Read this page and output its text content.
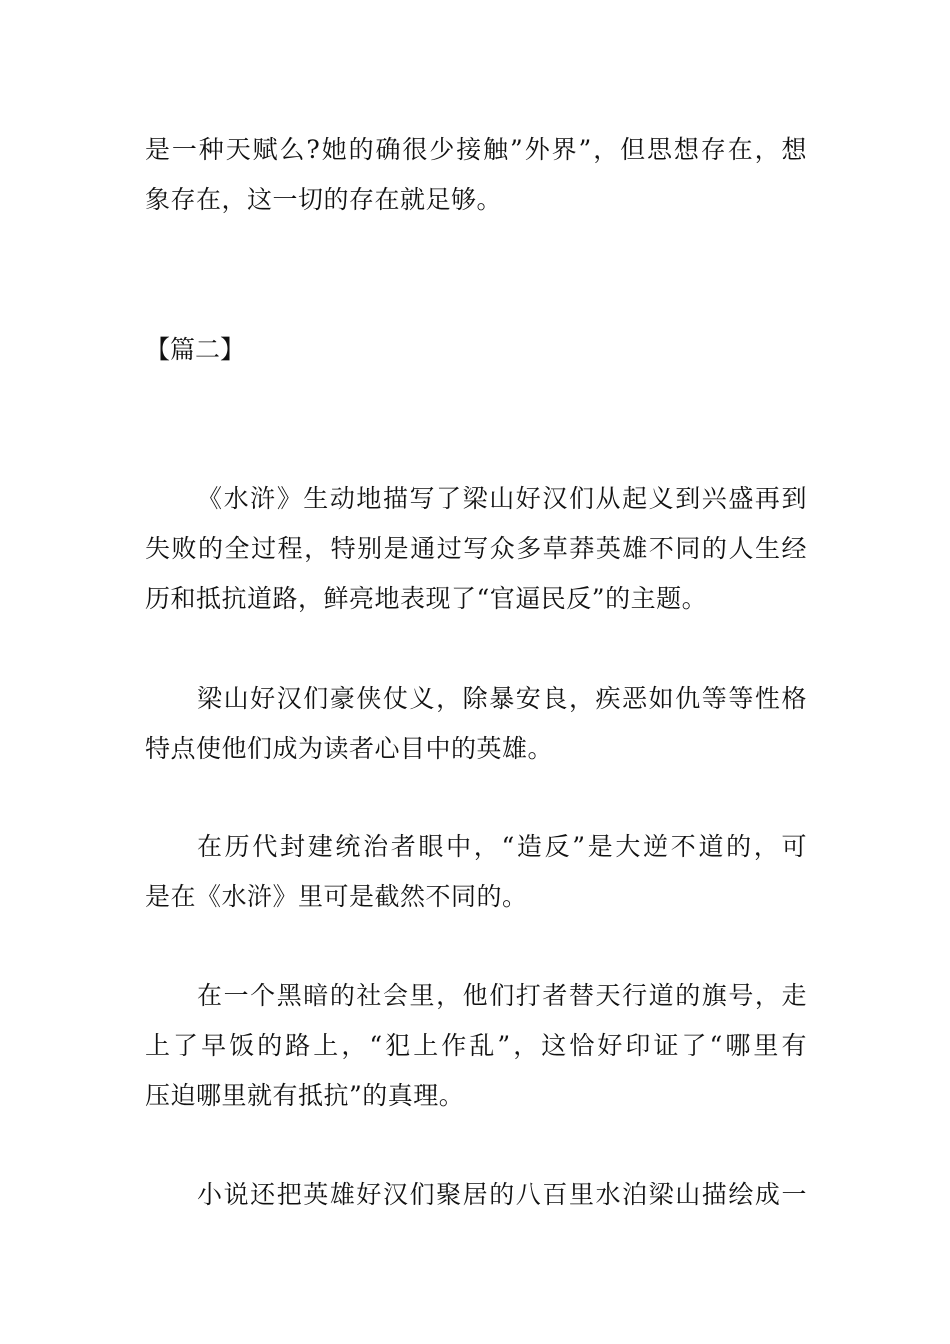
是一种天赋么?她的确很少接触”外界”，但思想存在，想
象存在，这一切的存在就足够。
【篇二】
《水浒》生动地描写了梁山好汉们从起义到兴盛再到
失败的全过程，特别是通过写众多草莽英雄不同的人生经
历和抵抗道路，鲜亮地表现了“官逼民反”的主题。
梁山好汉们豪侠仗义，除暴安良，疾恶如仇等等性格
特点使他们成为读者心目中的英雄。
在历代封建统治者眼中，“造反”是大逆不道的，可
是在《水浒》里可是截然不同的。
在一个黑暗的社会里，他们打者替天行道的旗号，走
上了早饭的路上，“犯上作乱”，这恰好印证了“哪里有
压迫哪里就有抵抗”的真理。
小说还把英雄好汉们聚居的八百里水泊梁山描绘成一
